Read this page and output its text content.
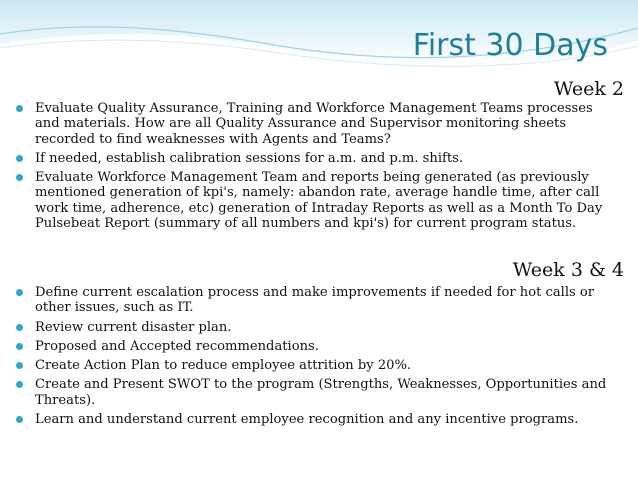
First 30 Days
Week 2
Evaluate Quality Assurance, Training and Workforce Management Teams processes and materials. How are all Quality Assurance and Supervisor monitoring sheets recorded to find weaknesses with Agents and Teams?
If needed, establish calibration sessions for a.m. and p.m. shifts.
Evaluate Workforce Management Team and reports being generated (as previously mentioned generation of kpi's, namely: abandon rate, average handle time, after call work time, adherence, etc) generation of Intraday Reports as well as a Month To Day Pulsebeat Report (summary of all numbers and kpi's) for current program status.
Week 3 & 4
Define current escalation process and make improvements if needed for hot calls or other issues, such as IT.
Review current disaster plan.
Proposed and Accepted recommendations.
Create Action Plan to reduce employee attrition by 20%.
Create and Present SWOT to the program (Strengths, Weaknesses, Opportunities and Threats).
Learn and understand current employee recognition and any incentive programs.
